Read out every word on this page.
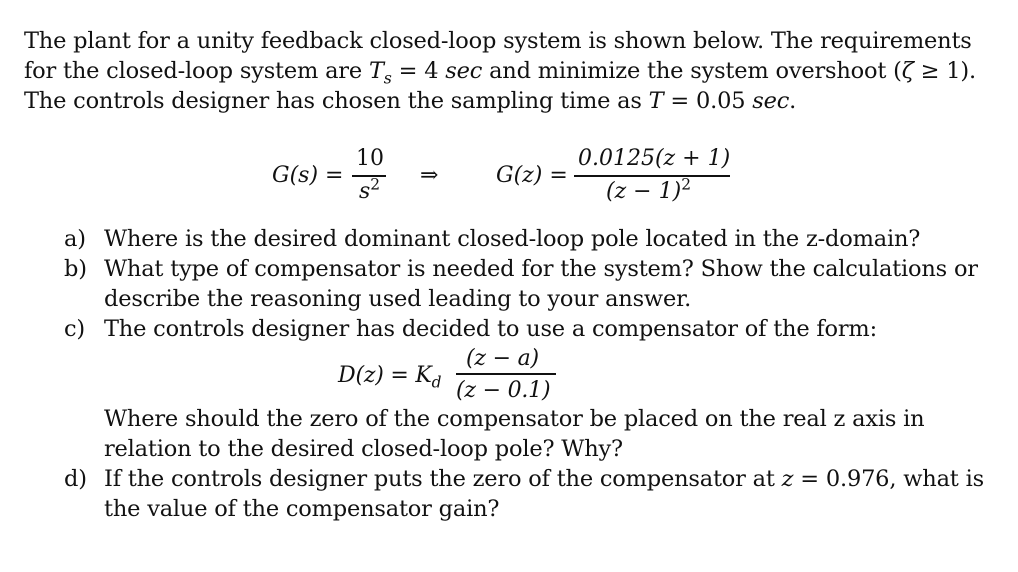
The plant for a unity feedback closed-loop system is shown below. The requirements for the closed-loop system are $T_s = 4$ sec and minimize the system overshoot (ζ ≥ 1). The controls designer has chosen the sampling time as T = 0.05 sec.
G(s) =
10
$s^2$ ⇒	G(z) =
0.0125(z + 1)
$(z - 1)^2$
a) Where is the desired dominant closed-loop pole located in the z-domain?
b) What type of compensator is needed for the system? Show the calculations or describe the reasoning used leading to your answer.
c) The controls designer has decided to use a compensator of the form:
$D(z) = K_d$
(z − a)
(z − 0.1)
Where should the zero of the compensator be placed on the real z axis in relation to the desired closed-loop pole? Why?
d) If the controls designer puts the zero of the compensator at z = 0.976, what is the value of the compensator gain?
